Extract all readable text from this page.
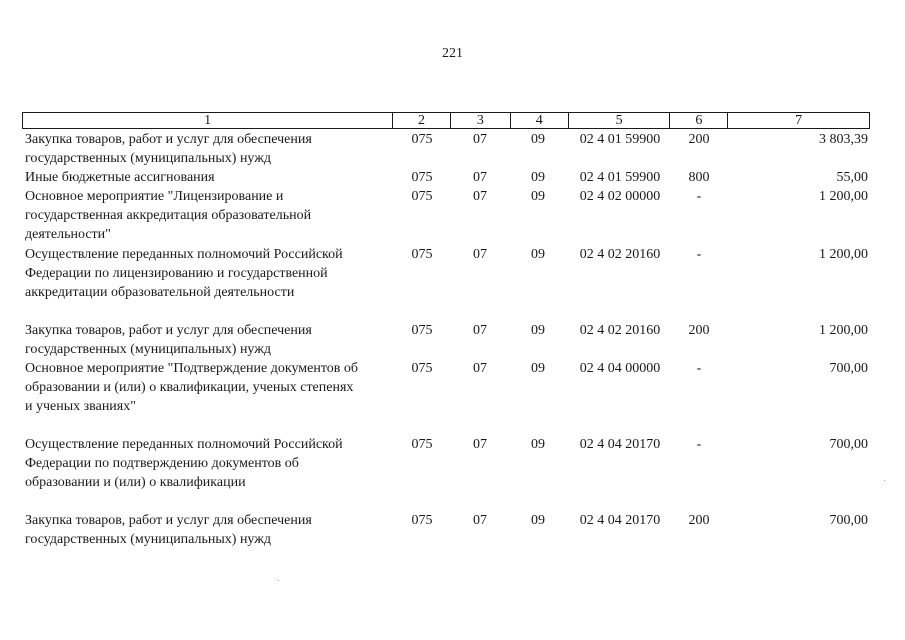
221
1	2	3	4	5	6	7
Закупка товаров, работ и услуг для обеспечения
государственных (муниципальных) нужд
075	07	09	02 4 01 59900	200	3 803,39
Иные бюджетные ассигнования	075	07	09	02 4 01 59900	800	55,00
Основное мероприятие "Лицензирование и
государственная аккредитация образовательной
деятельности"
075	07	09	02 4 02 00000	-	1 200,00
Осуществление переданных полномочий Российской
Федерации по лицензированию и государственной
аккредитации образовательной деятельности
075	07	09	02 4 02 20160	-	1 200,00
Закупка товаров, работ и услуг для обеспечения
государственных (муниципальных) нужд
075	07	09	02 4 02 20160	200	1 200,00
Основное мероприятие "Подтверждение документов об
образовании и (или) о квалификации, ученых степенях
и ученых званиях"
075	07	09	02 4 04 00000	-	700,00
Осуществление переданных полномочий Российской
Федерации по подтверждению документов об
образовании и (или) о квалификации
075	07	09	02 4 04 20170	-	700,00
Закупка товаров, работ и услуг для обеспечения
государственных (муниципальных) нужд
075	07	09	02 4 04 20170	200	700,00
